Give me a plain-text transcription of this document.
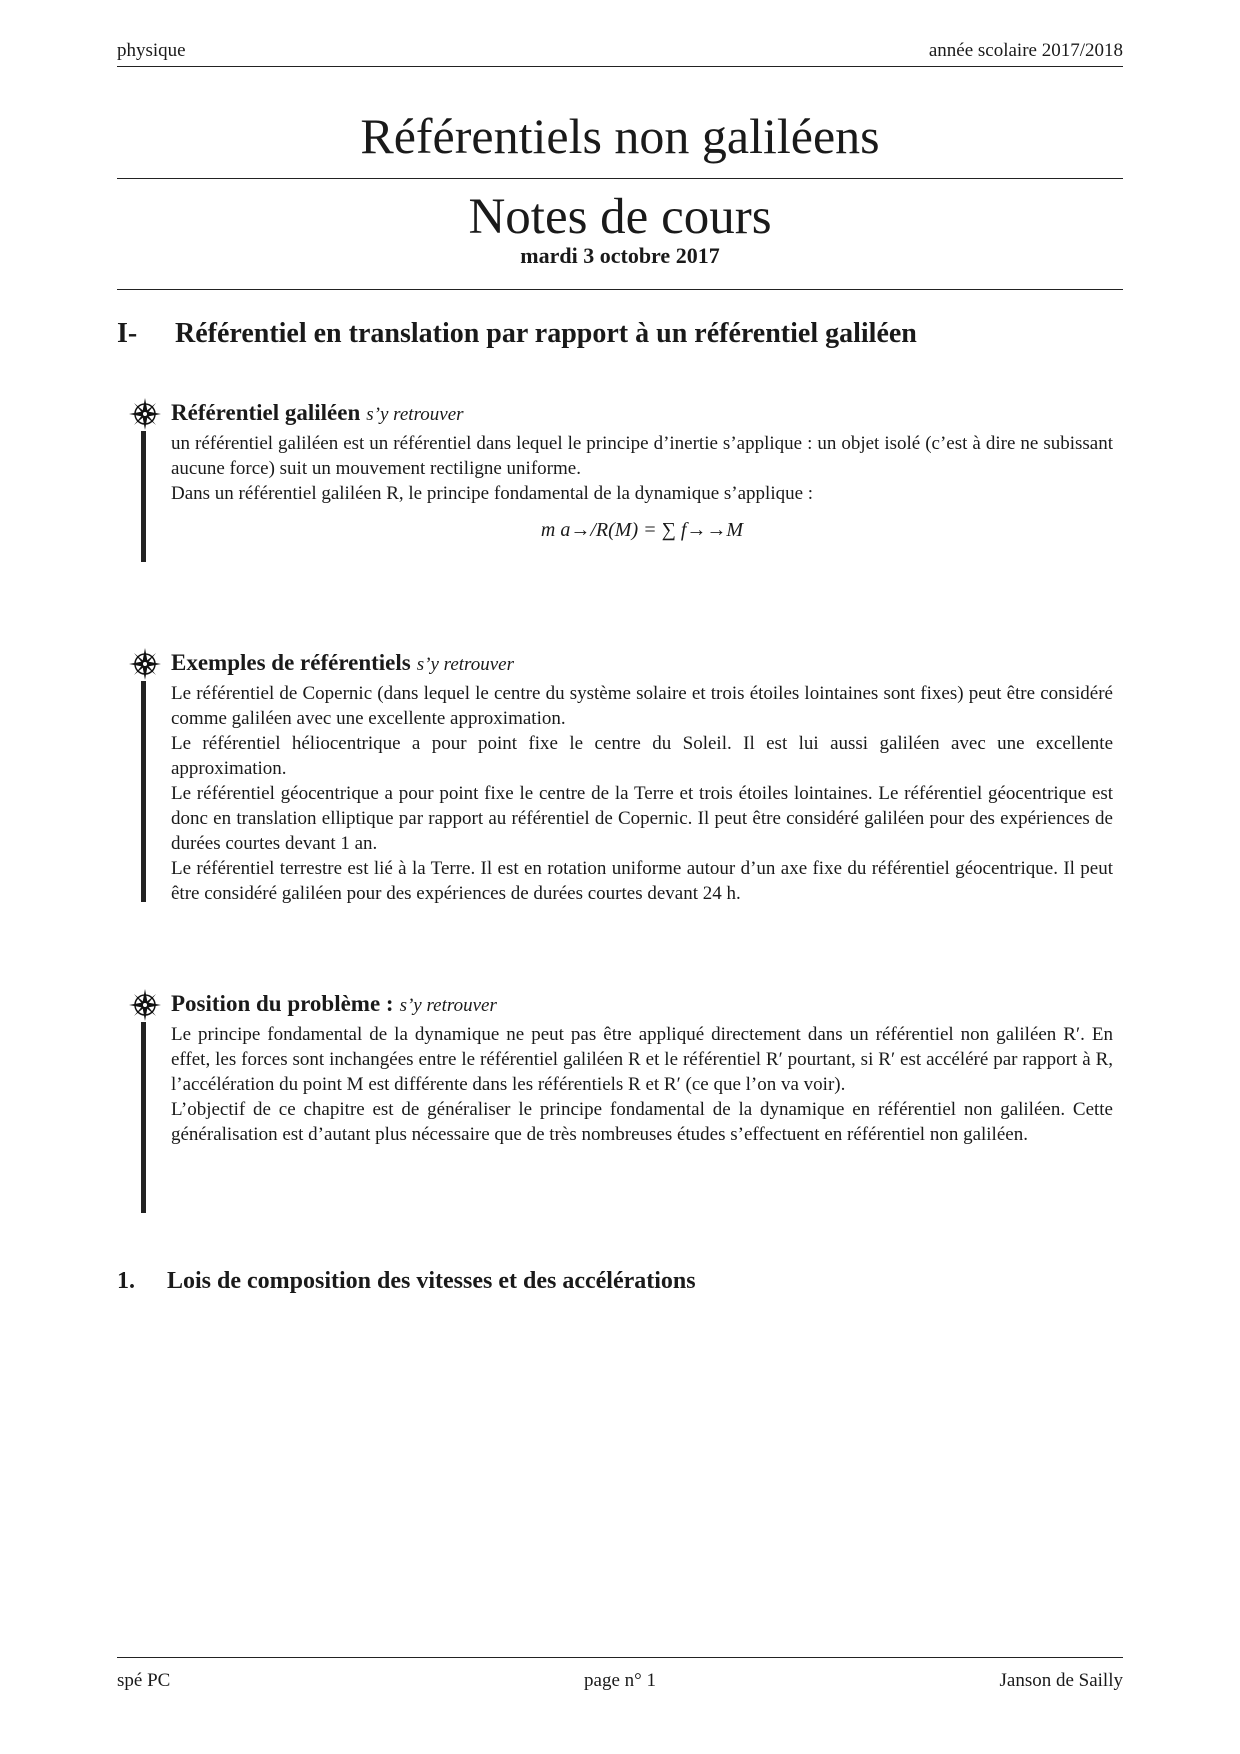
physique	année scolaire 2017/2018
Référentiels non galiléens
Notes de cours
mardi 3 octobre 2017
I- Référentiel en translation par rapport à un référentiel galiléen
Référentiel galiléen s’y retrouver

un référentiel galiléen est un référentiel dans lequel le principe d’inertie s’applique : un objet isolé (c’est à dire ne subissant aucune force) suit un mouvement rectiligne uniforme.

Dans un référentiel galiléen R, le principe fondamental de la dynamique s’applique :

m a→/R(M) = ∑ f→→M
Exemples de référentiels s’y retrouver

Le référentiel de Copernic (dans lequel le centre du système solaire et trois étoiles lointaines sont fixes) peut être considéré comme galiléen avec une excellente approximation.

Le référentiel héliocentrique a pour point fixe le centre du Soleil. Il est lui aussi galiléen avec une excellente approximation.

Le référentiel géocentrique a pour point fixe le centre de la Terre et trois étoiles lointaines. Le référentiel géocentrique est donc en translation elliptique par rapport au référentiel de Copernic. Il peut être considéré galiléen pour des expériences de durées courtes devant 1 an.

Le référentiel terrestre est lié à la Terre. Il est en rotation uniforme autour d’un axe fixe du référentiel géocentrique. Il peut être considéré galiléen pour des expériences de durées courtes devant 24 h.

Position du problème : s’y retrouver

Le principe fondamental de la dynamique ne peut pas être appliqué directement dans un référentiel non galiléen R′. En effet, les forces sont inchangées entre le référentiel galiléen R et le référentiel R′ pourtant, si R′ est accéléré par rapport à R, l’accélération du point M est différente dans les référentiels R et R′ (ce que l’on va voir).

L’objectif de ce chapitre est de généraliser le principe fondamental de la dynamique en référentiel non galiléen. Cette généralisation est d’autant plus nécessaire que de très nombreuses études s’effectuent en référentiel non galiléen.

1. Lois de composition des vitesses et des accélérations
spé PC	page n° 1	Janson de Sailly
